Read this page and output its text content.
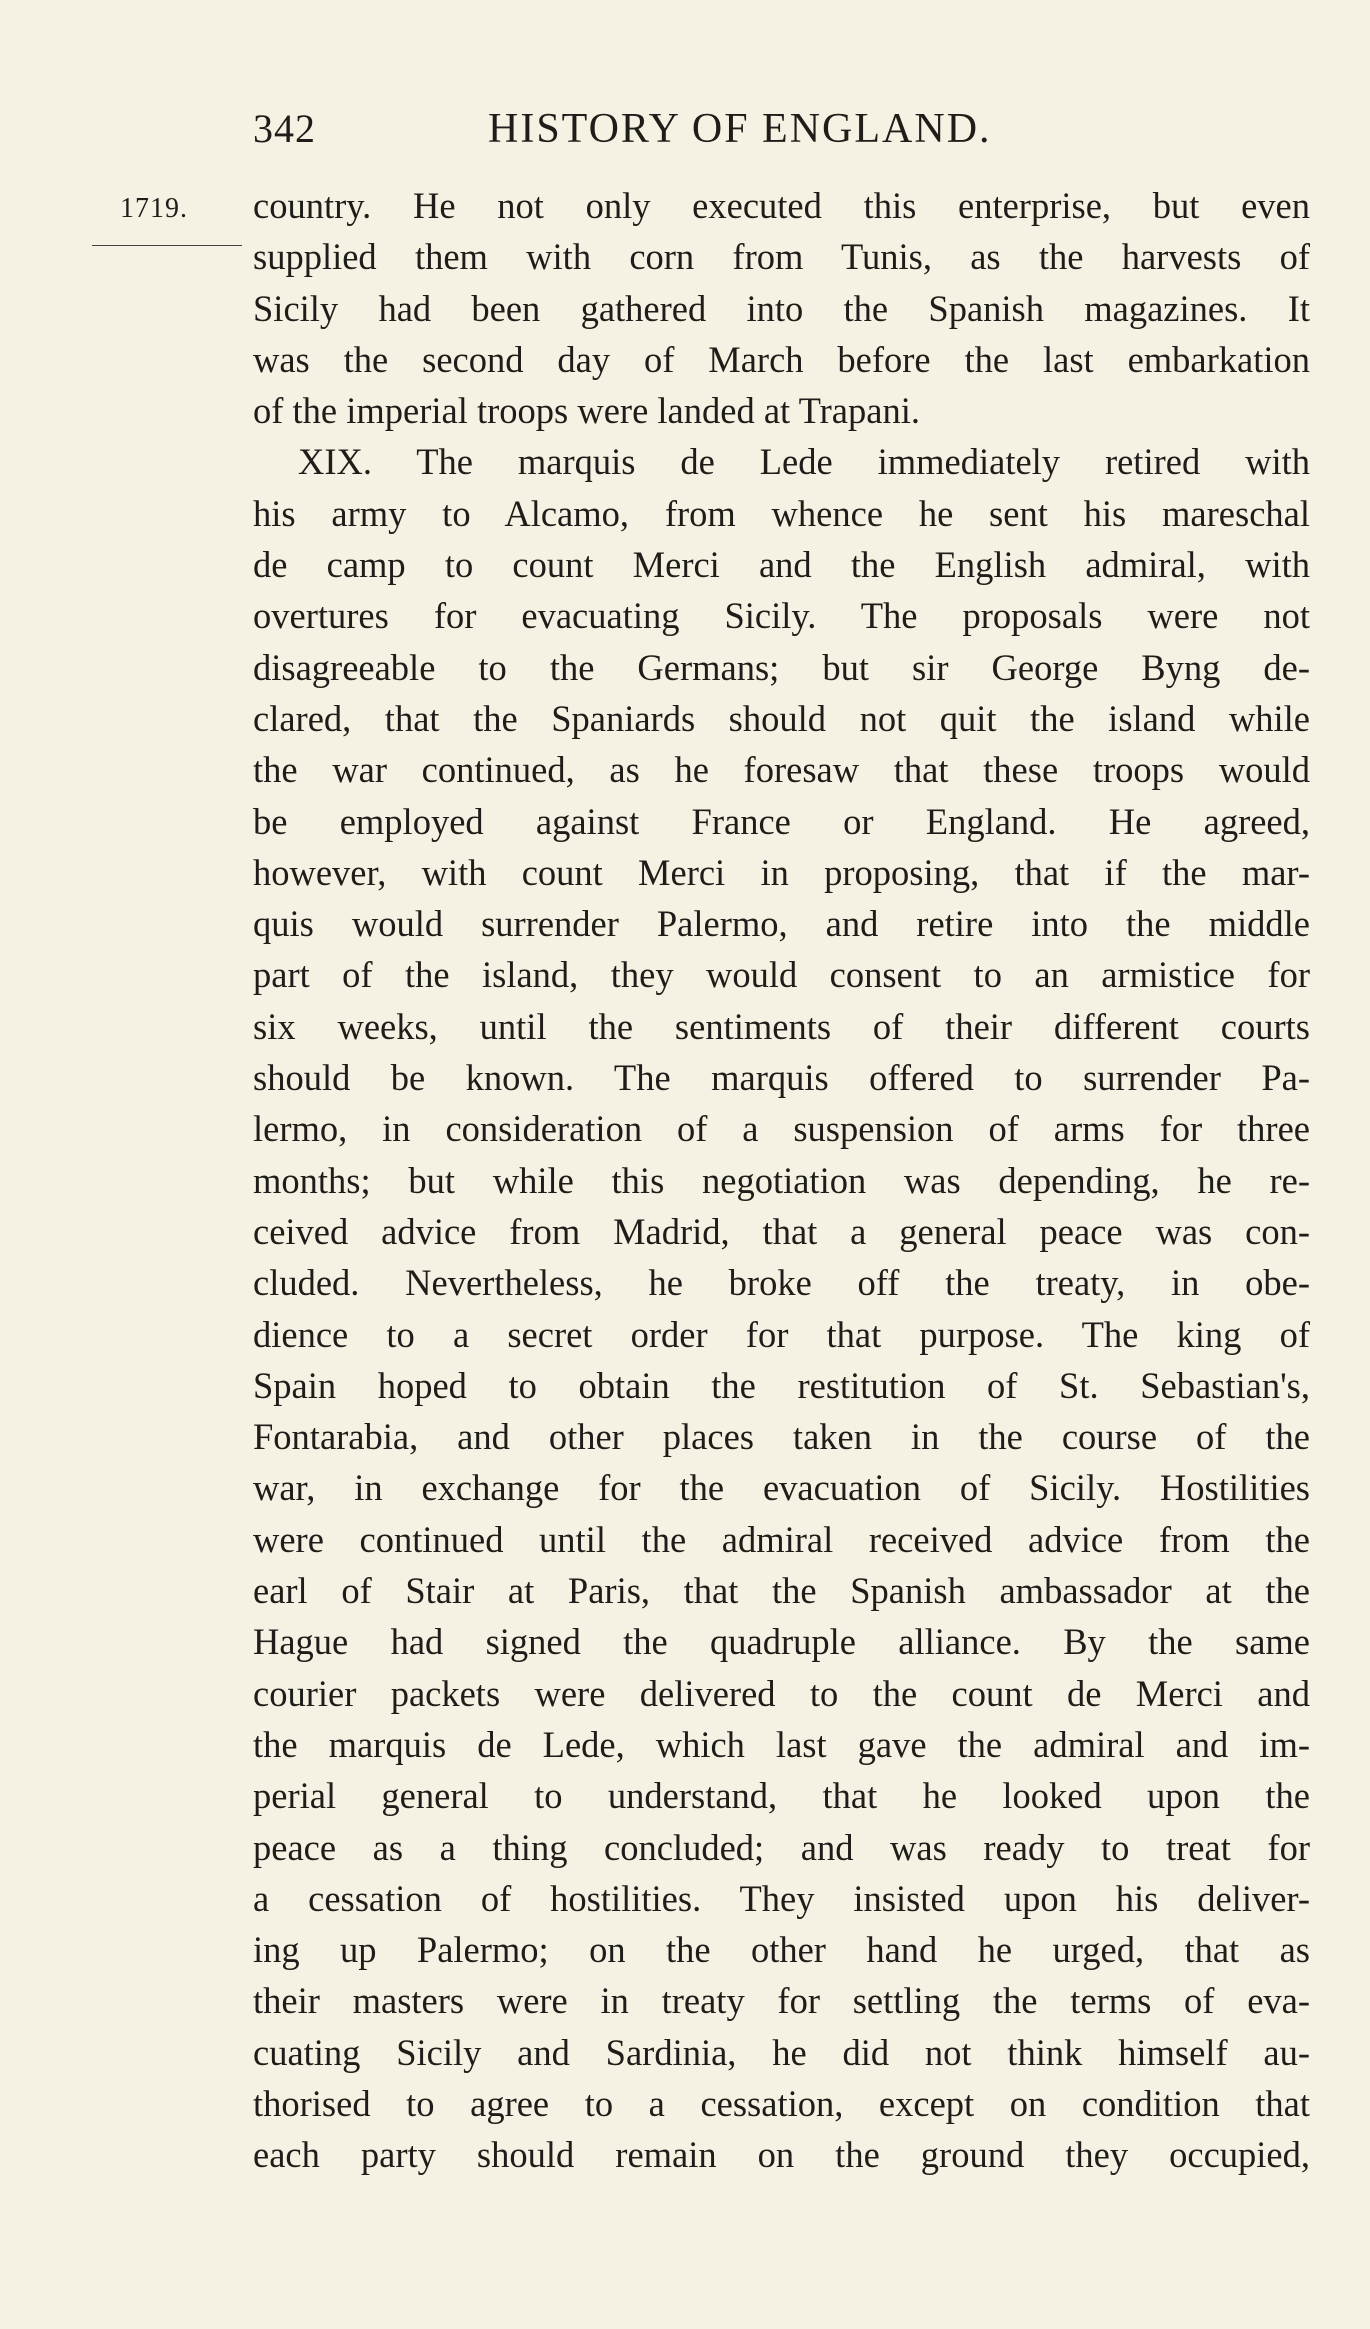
342	HISTORY OF ENGLAND.
1719. country. He not only executed this enterprise, but even
supplied them with corn from Tunis, as the harvests of
Sicily had been gathered into the Spanish magazines. It
was the second day of March before the last embarkation
of the imperial troops were landed at Trapani.
XIX. The marquis de Lede immediately retired with
his army to Alcamo, from whence he sent his mareschal
de camp to count Merci and the English admiral, with
overtures for evacuating Sicily. The proposals were not
disagreeable to the Germans; but sir George Byng de-
clared, that the Spaniards should not quit the island while
the war continued, as he foresaw that these troops would
be employed against France or England. He agreed,
however, with count Merci in proposing, that if the mar-
quis would surrender Palermo, and retire into the middle
part of the island, they would consent to an armistice for
six weeks, until the sentiments of their different courts
should be known. The marquis offered to surrender Pa-
lermo, in consideration of a suspension of arms for three
months; but while this negotiation was depending, he re-
ceived advice from Madrid, that a general peace was con-
cluded. Nevertheless, he broke off the treaty, in obe-
dience to a secret order for that purpose. The king of
Spain hoped to obtain the restitution of St. Sebastian's,
Fontarabia, and other places taken in the course of the
war, in exchange for the evacuation of Sicily. Hostilities
were continued until the admiral received advice from the
earl of Stair at Paris, that the Spanish ambassador at the
Hague had signed the quadruple alliance. By the same
courier packets were delivered to the count de Merci and
the marquis de Lede, which last gave the admiral and im-
perial general to understand, that he looked upon the
peace as a thing concluded; and was ready to treat for
a cessation of hostilities. They insisted upon his deliver-
ing up Palermo; on the other hand he urged, that as
their masters were in treaty for settling the terms of eva-
cuating Sicily and Sardinia, he did not think himself au-
thorised to agree to a cessation, except on condition that
each party should remain on the ground they occupied,
